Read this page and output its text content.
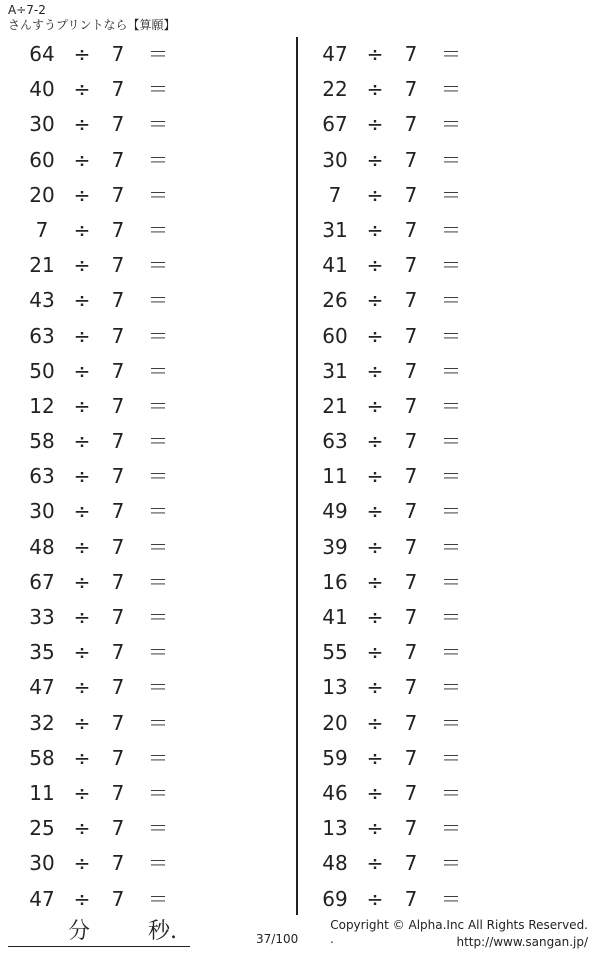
A÷7-2
さんすうプリントなら【算願】
64 ÷ 7 ＝
40 ÷ 7 ＝
30 ÷ 7 ＝
60 ÷ 7 ＝
20 ÷ 7 ＝
7	÷ 7 ＝
21 ÷ 7 ＝
43 ÷ 7 ＝
63 ÷ 7 ＝
50 ÷ 7 ＝
12 ÷ 7 ＝
58 ÷ 7 ＝
63 ÷ 7 ＝
30 ÷ 7 ＝
48 ÷ 7 ＝
67 ÷ 7 ＝
33 ÷ 7 ＝
35 ÷ 7 ＝
47 ÷ 7 ＝
32 ÷ 7 ＝
58 ÷ 7 ＝
11 ÷ 7 ＝
25 ÷ 7 ＝
30 ÷ 7 ＝
47 ÷ 7 ＝
47 ÷ 7 ＝
22 ÷ 7 ＝
67 ÷ 7 ＝
30 ÷ 7 ＝
7	÷ 7 ＝
31 ÷ 7 ＝
41 ÷ 7 ＝
26 ÷ 7 ＝
60 ÷ 7 ＝
31 ÷ 7 ＝
21 ÷ 7 ＝
63 ÷ 7 ＝
11 ÷ 7 ＝
49 ÷ 7 ＝
39 ÷ 7 ＝
16 ÷ 7 ＝
41 ÷ 7 ＝
55 ÷ 7 ＝
13 ÷ 7 ＝
20 ÷ 7 ＝
59 ÷ 7 ＝
46 ÷ 7 ＝
13 ÷ 7 ＝
48 ÷ 7 ＝
69 ÷ 7 ＝
分	秒.	37/100	.
Copyright © Alpha.Inc All Rights Reserved.
http://www.sangan.jp/
